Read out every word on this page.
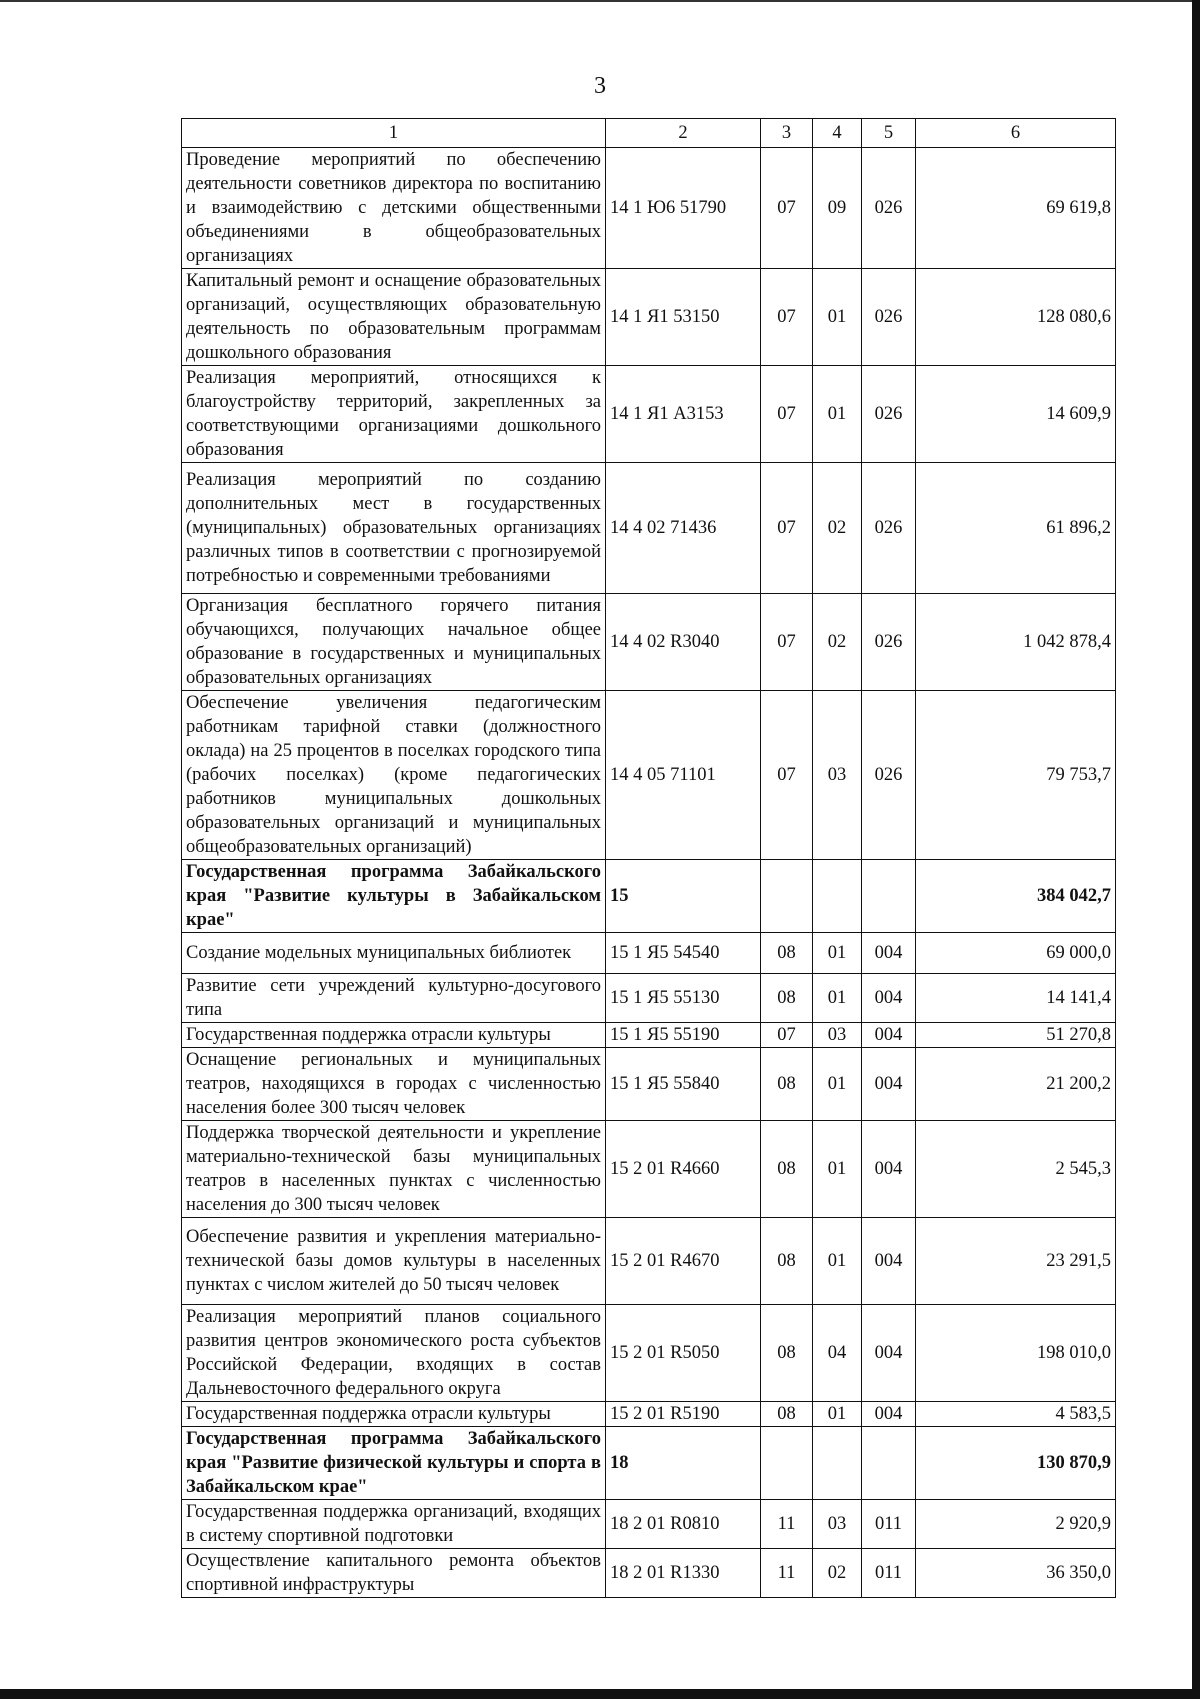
3
1	2	3	4	5	6
Проведение мероприятий по обеспечению деятельности советников директора по воспитанию и взаимодействию с детскими общественными объединениями в общеобразовательных организациях	14 1 Ю6 51790	07	09	026	69 619,8
Капитальный ремонт и оснащение образовательных организаций, осуществляющих образовательную деятельность по образовательным программам дошкольного образования	14 1 Я1 53150	07	01	026	128 080,6
Реализация мероприятий, относящихся к благоустройству территорий, закрепленных за соответствующими организациями дошкольного образования	14 1 Я1 А3153	07	01	026	14 609,9
Реализация мероприятий по созданию дополнительных мест в государственных (муниципальных) образовательных организациях различных типов в соответствии с прогнозируемой потребностью и современными требованиями	14 4 02 71436	07	02	026	61 896,2
Организация бесплатного горячего питания обучающихся, получающих начальное общее образование в государственных и муниципальных образовательных организациях	14 4 02 R3040	07	02	026	1 042 878,4
Обеспечение увеличения педагогическим работникам тарифной ставки (должностного оклада) на 25 процентов в поселках городского типа (рабочих поселках) (кроме педагогических работников муниципальных дошкольных образовательных организаций и муниципальных общеобразовательных организаций)	14 4 05 71101	07	03	026	79 753,7
Государственная программа Забайкальского края "Развитие культуры в Забайкальском крае"	15				384 042,7
Создание модельных муниципальных библиотек	15 1 Я5 54540	08	01	004	69 000,0
Развитие сети учреждений культурно-досугового типа	15 1 Я5 55130	08	01	004	14 141,4
Государственная поддержка отрасли культуры	15 1 Я5 55190	07	03	004	51 270,8
Оснащение региональных и муниципальных театров, находящихся в городах с численностью населения более 300 тысяч человек	15 1 Я5 55840	08	01	004	21 200,2
Поддержка творческой деятельности и укрепление материально-технической базы муниципальных театров в населенных пунктах с численностью населения до 300 тысяч человек	15 2 01 R4660	08	01	004	2 545,3
Обеспечение развития и укрепления материально-технической базы домов культуры в населенных пунктах с числом жителей до 50 тысяч человек	15 2 01 R4670	08	01	004	23 291,5
Реализация мероприятий планов социального развития центров экономического роста субъектов Российской Федерации, входящих в состав Дальневосточного федерального округа	15 2 01 R5050	08	04	004	198 010,0
Государственная поддержка отрасли культуры	15 2 01 R5190	08	01	004	4 583,5
Государственная программа Забайкальского края "Развитие физической культуры и спорта в Забайкальском крае"	18				130 870,9
Государственная поддержка организаций, входящих в систему спортивной подготовки	18 2 01 R0810	11	03	011	2 920,9
Осуществление капитального ремонта объектов спортивной инфраструктуры	18 2 01 R1330	11	02	011	36 350,0
